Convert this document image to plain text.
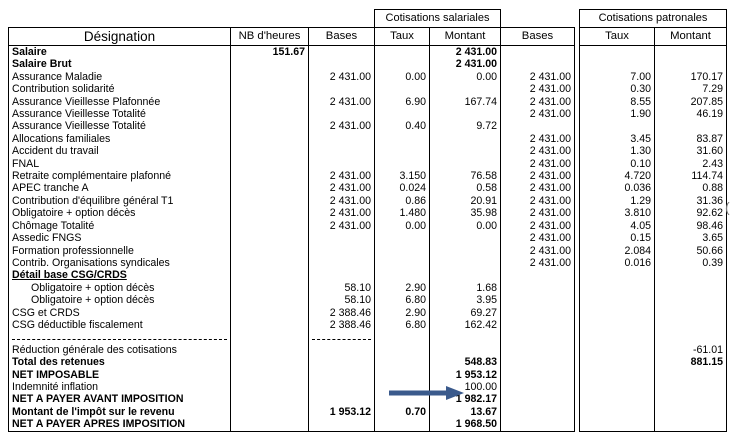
			Cotisations salariales				Cotisations patronales	
Désignation	NB d'heures	Bases	Taux	Montant	Bases		Taux	Montant
Salaire	151.67			2 431.00				
Salaire Brut				2 431.00				
Assurance Maladie		2 431.00	0.00	0.00	2 431.00		7.00	170.17
Contribution solidarité					2 431.00		0.30	7.29
Assurance Vieillesse Plafonnée		2 431.00	6.90	167.74	2 431.00		8.55	207.85
Assurance Vieillesse Totalité					2 431.00		1.90	46.19
Assurance Vieillesse Totalité		2 431.00	0.40	9.72				
Allocations familiales					2 431.00		3.45	83.87
Accident du travail					2 431.00		1.30	31.60
FNAL					2 431.00		0.10	2.43
Retraite complémentaire plafonné		2 431.00	3.150	76.58	2 431.00		4.720	114.74
APEC tranche A		2 431.00	0.024	0.58	2 431.00		0.036	0.88
Contribution d'équilibre général T1		2 431.00	0.86	20.91	2 431.00		1.29	31.36
Obligatoire + option décès		2 431.00	1.480	35.98	2 431.00		3.810	92.62
Chômage Totalité		2 431.00	0.00	0.00	2 431.00		4.05	98.46
Assedic FNGS					2 431.00		0.15	3.65
Formation professionnelle					2 431.00		2.084	50.66
Contrib. Organisations syndicales					2 431.00		0.016	0.39
Détail base CSG/CRDS								
Obligatoire + option décès		58.10	2.90	1.68				
Obligatoire + option décès		58.10	6.80	3.95				
CSG et CRDS		2 388.46	2.90	69.27				
CSG déductible fiscalement		2 388.46	6.80	162.42				

Réduction générale des cotisations								-61.01
Total des retenues				548.83				881.15
NET IMPOSABLE				1 953.12				
Indemnité inflation				100.00				
NET A PAYER AVANT IMPOSITION				1 982.17				
Montant de l'impôt sur le revenu		1 953.12	0.70	13.67				
NET A PAYER APRES IMPOSITION				1 968.50				
(
